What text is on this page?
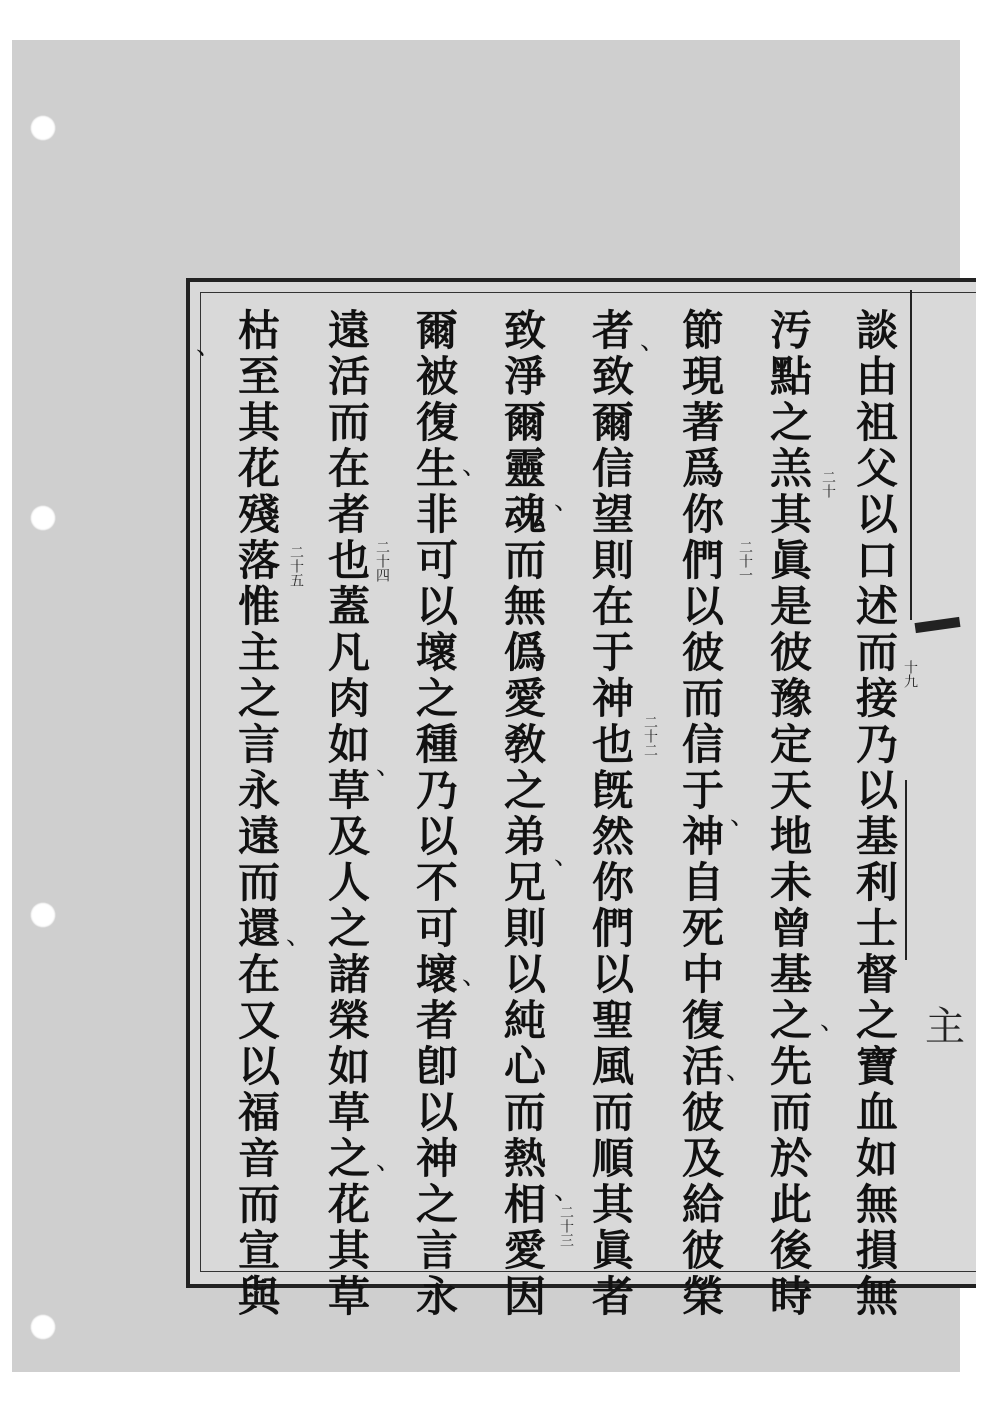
談由祖父以口述而接乃以基利士督之寶血如無損無
汚點之羔其眞是彼豫定天地未曾基之先而於此後時
節現著爲你們以彼而信于神自死中復活彼及給彼榮
者致爾信望則在于神也旣然你們以聖風而順其眞者
致淨爾靈魂而無僞愛敎之弟兄則以純心而熱相愛因
爾被復生非可以壞之種乃以不可壞者卽以神之言永
遠活而在者也蓋凡肉如草及人之諸榮如草之花其草
枯至其花殘落惟主之言永遠而還在又以福音而宣與	二十
二十一
二十二
二十三
二十四
二十五
十九
、	、
、
、
、
、
、
、
、
、
、
、
、
主
